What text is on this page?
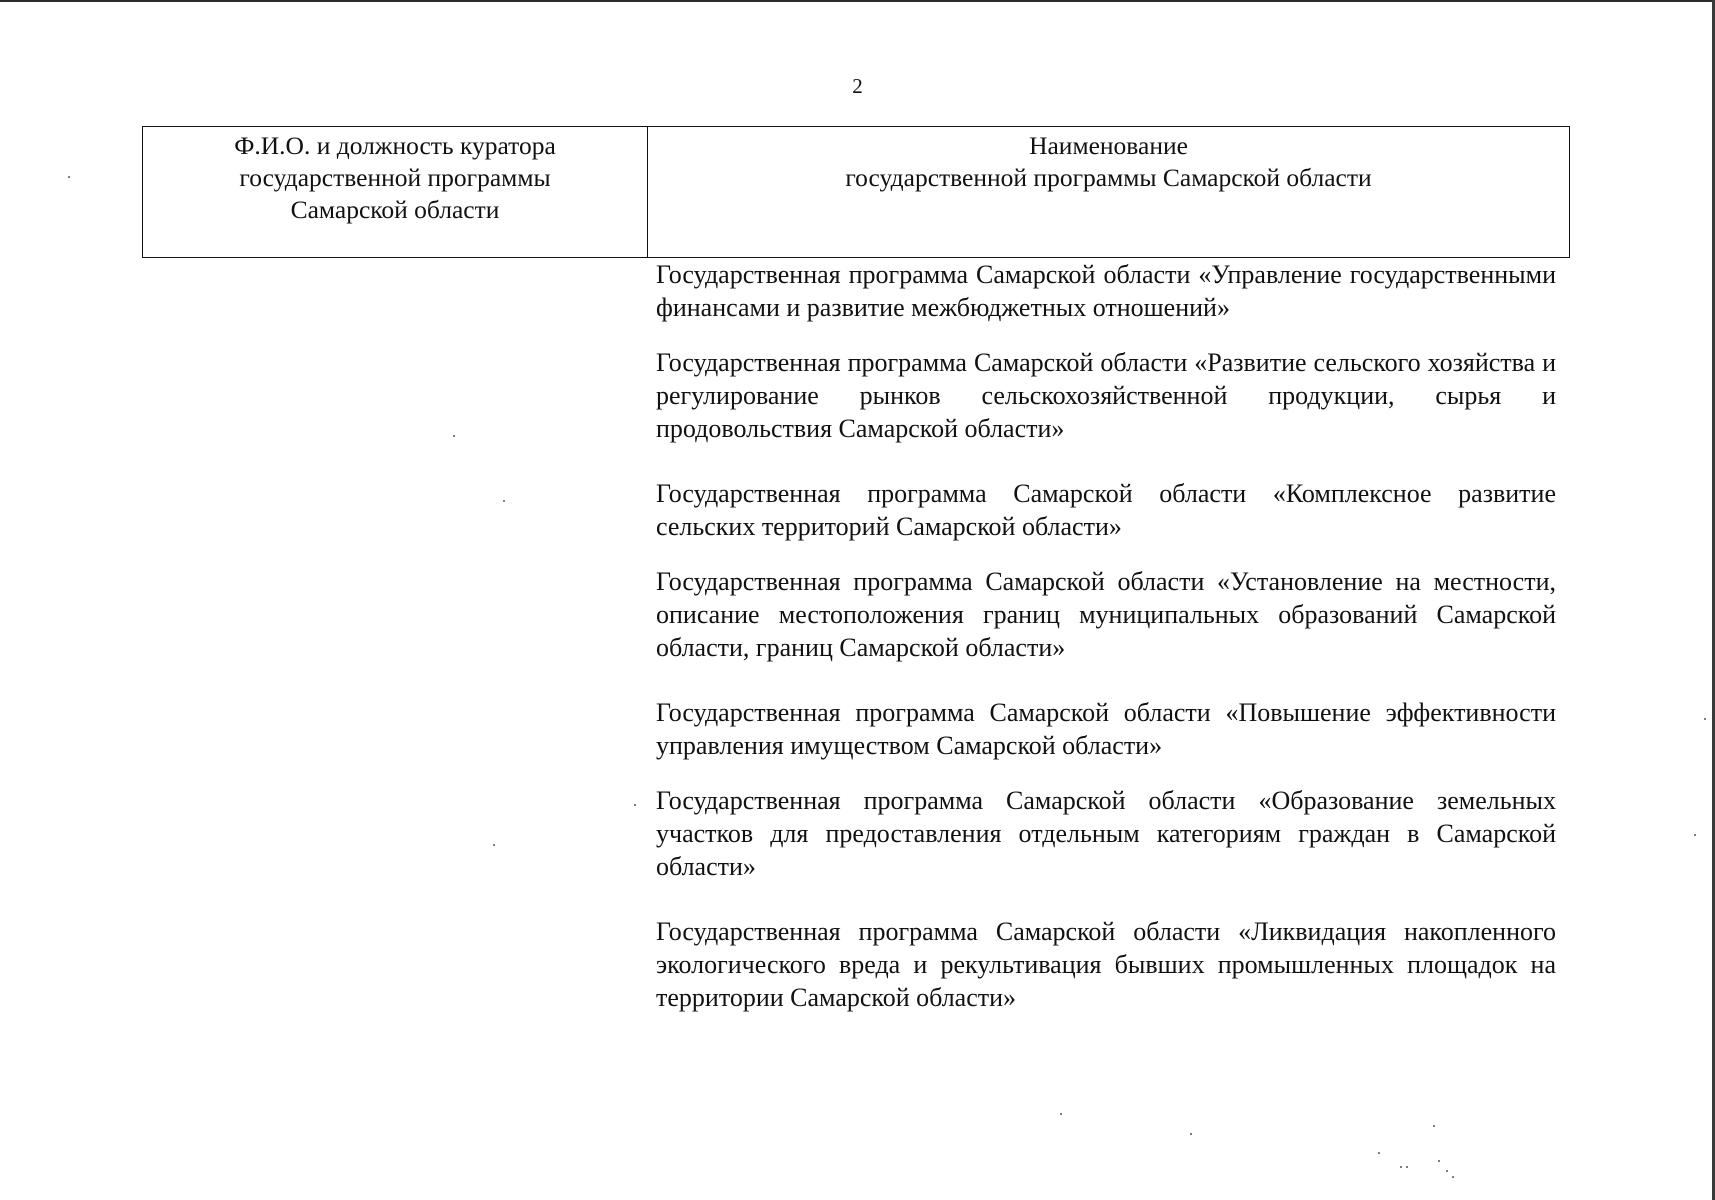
2
Ф.И.О. и должность куратора
государственной программы
Самарской области
Наименование
государственной программы Самарской области
Государственная программа Самарской области «Управление государственными финансами и развитие межбюджетных отношений»
Государственная программа Самарской области «Развитие сельского хозяйства и регулирование рынков сельскохозяйственной продукции, сырья и продовольствия Самарской области»
Государственная программа Самарской области «Комплексное развитие сельских территорий Самарской области»
Государственная программа Самарской области «Установление на местности, описание местоположения границ муниципальных образований Самарской области, границ Самарской области»
Государственная программа Самарской области «Повышение эффективности управления имуществом Самарской области»
Государственная программа Самарской области «Образование земельных участков для предоставления отдельным категориям граждан в Самарской области»
Государственная программа Самарской области «Ликвидация накопленного экологического вреда и рекультивация бывших промышленных площадок на территории Самарской области»
